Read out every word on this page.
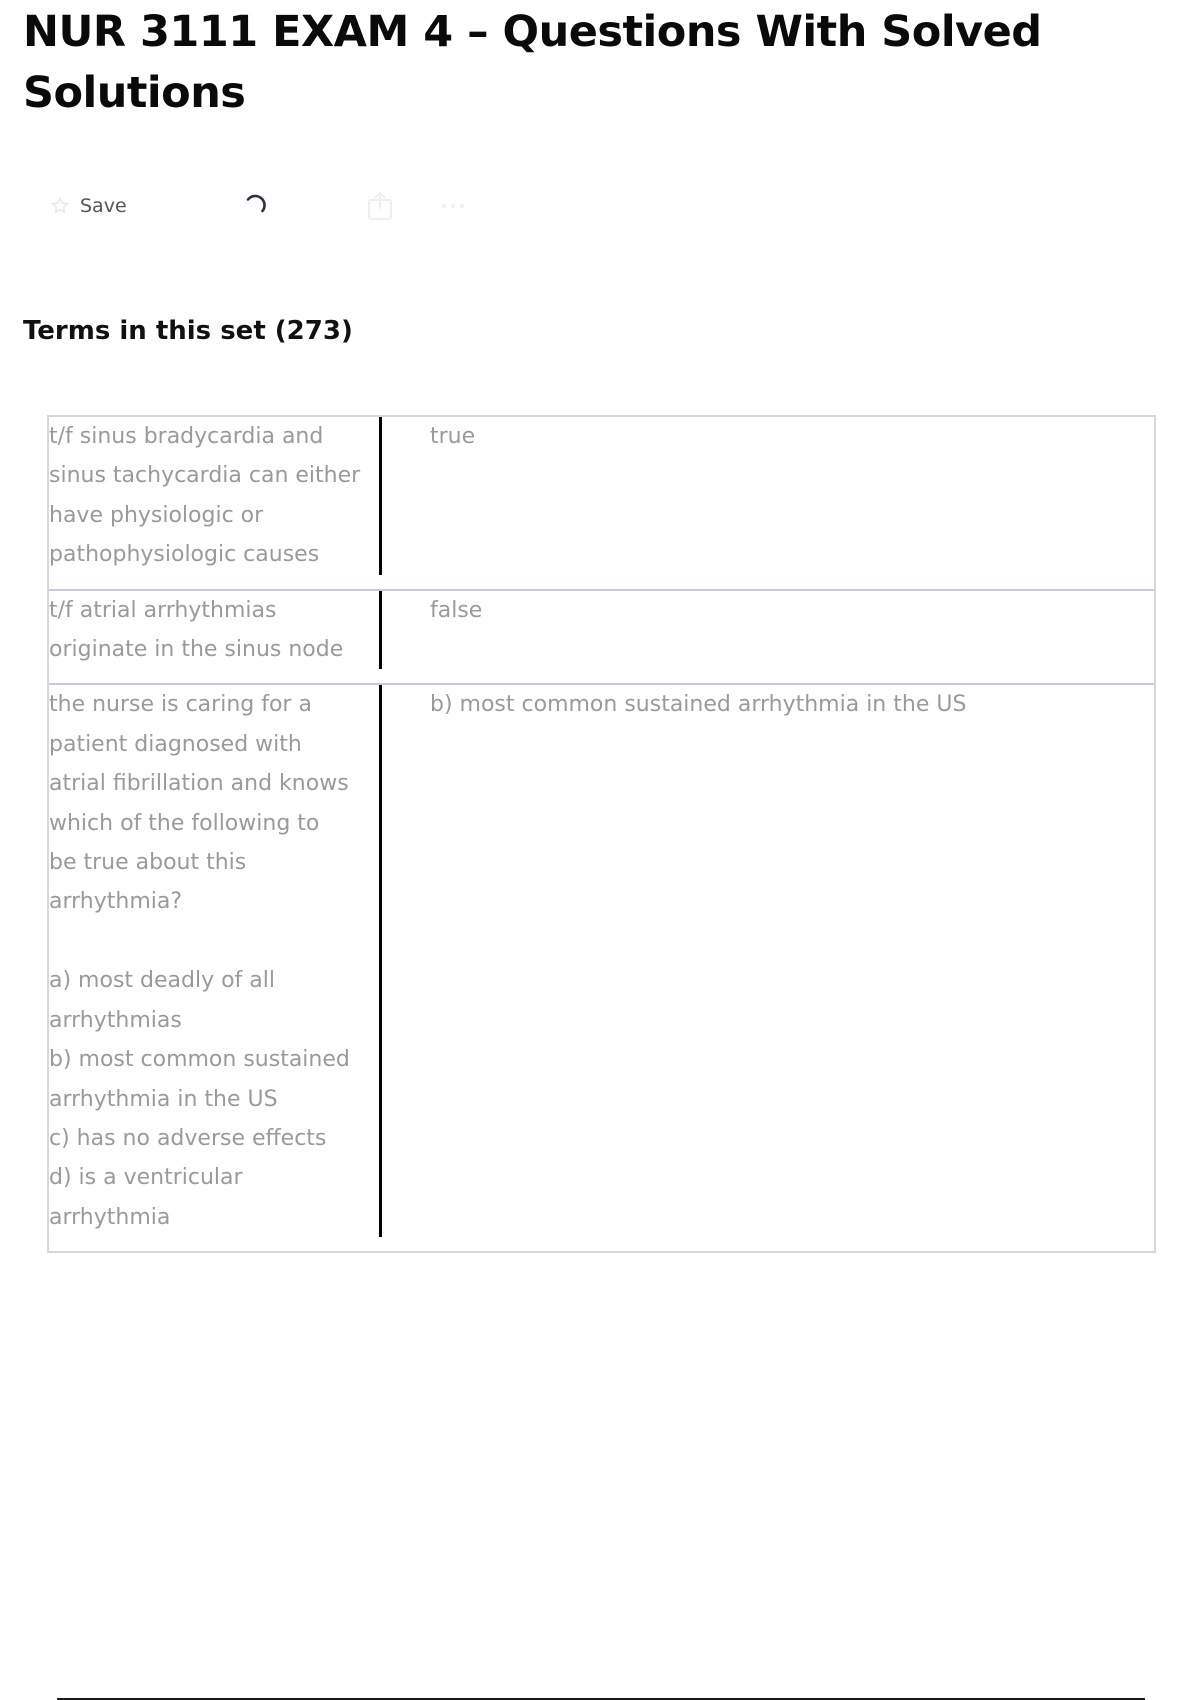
NUR 3111 EXAM 4 – Questions With Solved Solutions
Save
Terms in this set (273)
t/f sinus bradycardia and
sinus tachycardia can either
have physiologic or
pathophysiologic causes
true
t/f atrial arrhythmias
originate in the sinus node
false
the nurse is caring for a
patient diagnosed with
atrial fibrillation and knows
which of the following to
be true about this
arrhythmia?

a) most deadly of all
arrhythmias
b) most common sustained
arrhythmia in the US
c) has no adverse effects
d) is a ventricular
arrhythmia
b) most common sustained arrhythmia in the US
